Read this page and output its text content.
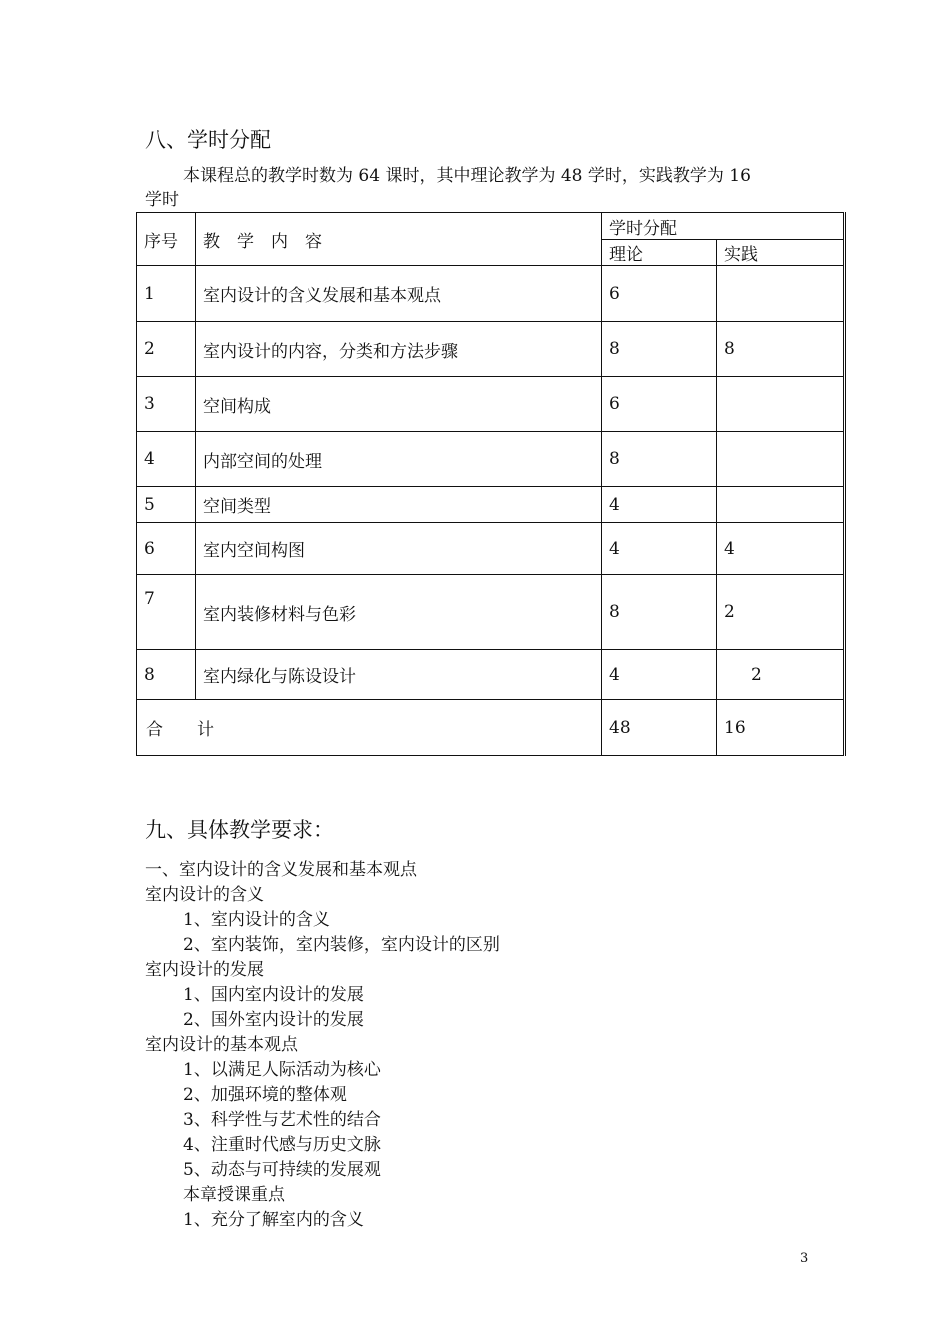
八、学时分配
本课程总的教学时数为 64 课时，其中理论教学为 48 学时，实践教学为 16
学时
序号	教　学　内　容	学时分配	
		理论	实践
1	室内设计的含义发展和基本观点	6	
2	室内设计的内容，分类和方法步骤	8	8
3	空间构成	6	
4	内部空间的处理	8	
5	空间类型	4	
6	室内空间构图	4	4
7	室内装修材料与色彩	8	2
8	室内绿化与陈设设计	4	2
合　　计		48	16
九、具体教学要求：
一、室内设计的含义发展和基本观点
室内设计的含义
1、室内设计的含义
2、室内装饰，室内装修，室内设计的区别
室内设计的发展
1、国内室内设计的发展
2、国外室内设计的发展
室内设计的基本观点
1、以满足人际活动为核心
2、加强环境的整体观
3、科学性与艺术性的结合
4、注重时代感与历史文脉
5、动态与可持续的发展观
本章授课重点
1、充分了解室内的含义
3
